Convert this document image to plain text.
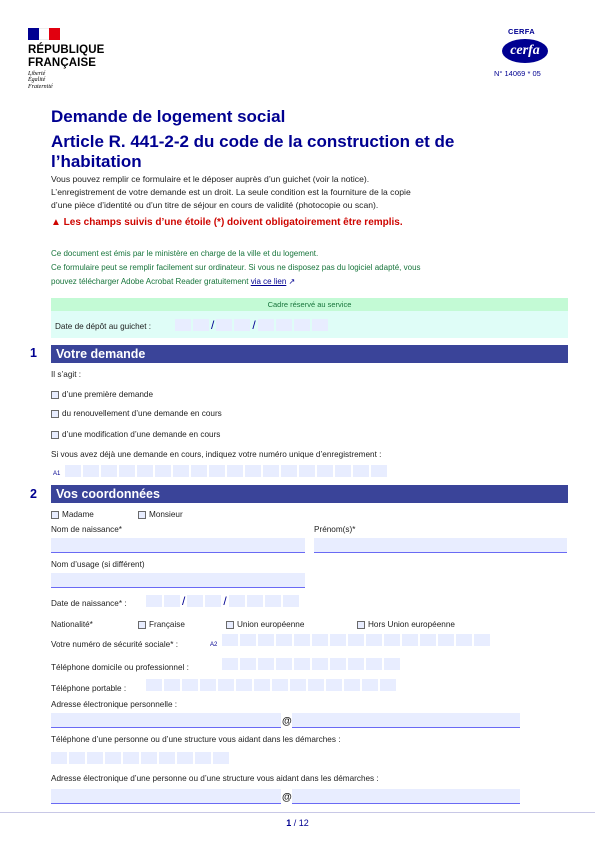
RÉPUBLIQUE
FRANÇAISE
Liberté
Égalité
Fraternité
CERFA
cerfa
N° 14069 * 05
Demande de logement social
Article R. 441-2-2 du code de la construction et de l’habitation
Vous pouvez remplir ce formulaire et le déposer auprès d’un guichet (voir la notice).
L’enregistrement de votre demande est un droit. La seule condition est la fourniture de la copie
d’une pièce d’identité ou d’un titre de séjour en cours de validité (photocopie ou scan).
▲ Les champs suivis d’une étoile (*) doivent obligatoirement être remplis.
Ce document est émis par le ministère en charge de la ville et du logement.
Ce formulaire peut se remplir facilement sur ordinateur. Si vous ne disposez pas du logiciel adapté, vous
pouvez télécharger Adobe Acrobat Reader gratuitement via ce lien ↗
Cadre réservé au service
Date de dépôt au guichet :	/	/
1	Votre demande
Il s’agit :
d’une première demande
du renouvellement d’une demande en cours
d’une modification d’une demande en cours
Si vous avez déjà une demande en cours, indiquez votre numéro unique d’enregistrement :
A1
2	Vos coordonnées
Madame	Monsieur
Nom de naissance*	Prénom(s)*
Nom d’usage (si différent)
Date de naissance* :	/	/
Nationalité*	Française	Union européenne	Hors Union européenne
Votre numéro de sécurité sociale* :	A2
Téléphone domicile ou professionnel :
Téléphone portable :
Adresse électronique personnelle :
@
Téléphone d’une personne ou d’une structure vous aidant dans les démarches :
Adresse électronique d’une personne ou d’une structure vous aidant dans les démarches :
@
1 / 12
